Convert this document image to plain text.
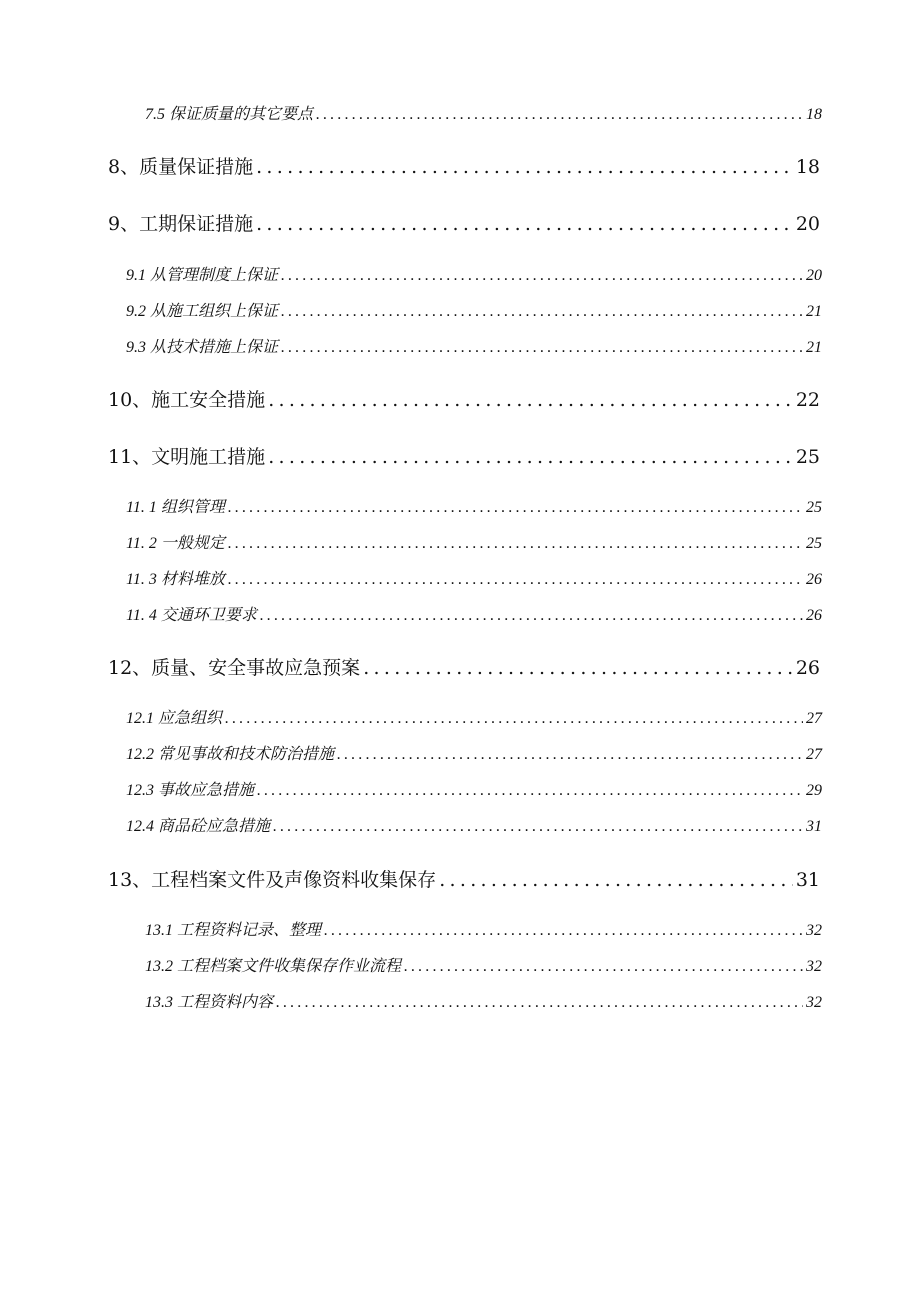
7.5 保证质量的其它要点 .....	18
8、质量保证措施 .....	18
9、工期保证措施 .....	20
9.1 从管理制度上保证 .....	20
9.2 从施工组织上保证 .....	21
9.3 从技术措施上保证 .....	21
10、施工安全措施 .....	22
11、文明施工措施 .....	25
11. 1 组织管理 .....	25
11. 2 一般规定 .....	25
11. 3 材料堆放 .....	26
11. 4 交通环卫要求 .....	26
12、质量、安全事故应急预案 .....	26
12.1 应急组织 .....	27
12.2 常见事故和技术防治措施 .....	27
12.3 事故应急措施 .....	29
12.4 商品砼应急措施 .....	31
13、工程档案文件及声像资料收集保存 .....	31
13.1 工程资料记录、整理 .....	32
13.2 工程档案文件收集保存作业流程 .....	32
13.3 工程资料内容 .....	32
